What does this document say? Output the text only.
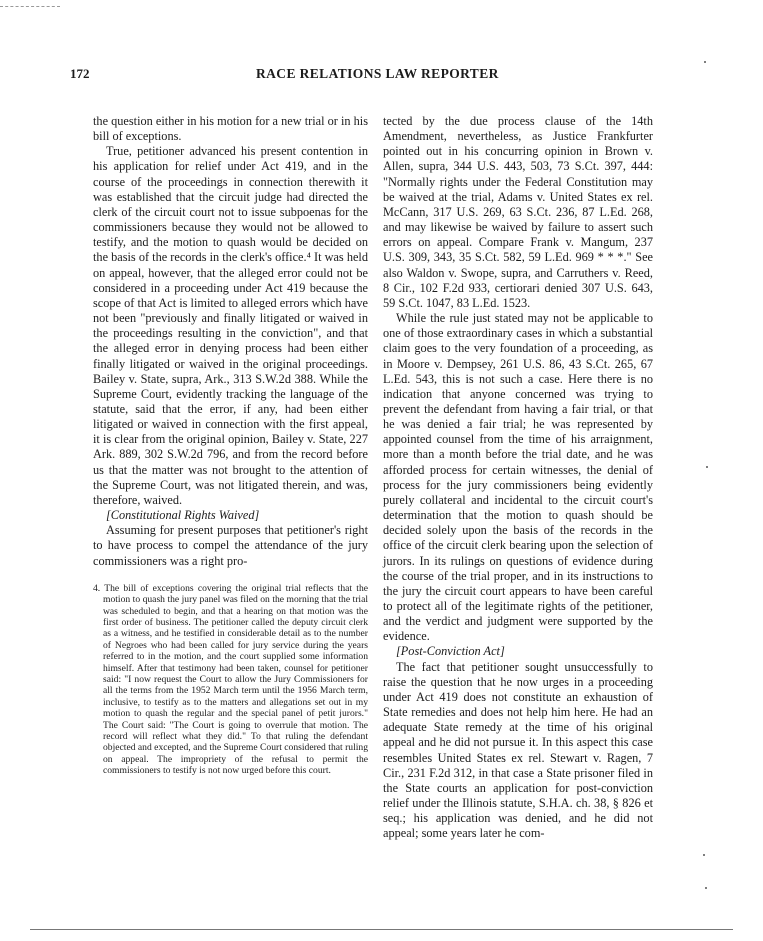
172	RACE RELATIONS LAW REPORTER

the question either in his motion for a new trial or in his bill of exceptions.

True, petitioner advanced his present contention in his application for relief under Act 419, and in the course of the proceedings in connection therewith it was established that the circuit judge had directed the clerk of the circuit court not to issue subpoenas for the commissioners because they would not be allowed to testify, and the motion to quash would be decided on the basis of the records in the clerk's office.⁴ It was held on appeal, however, that the alleged error could not be considered in a proceeding under Act 419 because the scope of that Act is limited to alleged errors which have not been "previously and finally litigated or waived in the proceedings resulting in the conviction", and that the alleged error in denying process had been either finally litigated or waived in the original proceedings. Bailey v. State, supra, Ark., 313 S.W.2d 388. While the Supreme Court, evidently tracking the language of the statute, said that the error, if any, had been either litigated or waived in connection with the first appeal, it is clear from the original opinion, Bailey v. State, 227 Ark. 889, 302 S.W.2d 796, and from the record before us that the matter was not brought to the attention of the Supreme Court, was not litigated therein, and was, therefore, waived.

[Constitutional Rights Waived]

Assuming for present purposes that petitioner's right to have process to compel the attendance of the jury commissioners was a right pro-

4. The bill of exceptions covering the original trial reflects that the motion to quash the jury panel was filed on the morning that the trial was scheduled to begin, and that a hearing on that motion was the first order of business. The petitioner called the deputy circuit clerk as a witness, and he testified in considerable detail as to the number of Negroes who had been called for jury service during the years referred to in the motion, and the court supplied some information himself. After that testimony had been taken, counsel for petitioner said: "I now request the Court to allow the Jury Commissioners for all the terms from the 1952 March term until the 1956 March term, inclusive, to testify as to the matters and allegations set out in my motion to quash the regular and the special panel of petit jurors." The Court said: "The Court is going to overrule that motion. The record will reflect what they did." To that ruling the defendant objected and excepted, and the Supreme Court considered that ruling on appeal. The impropriety of the refusal to permit the commissioners to testify is not now urged before this court.

tected by the due process clause of the 14th Amendment, nevertheless, as Justice Frankfurter pointed out in his concurring opinion in Brown v. Allen, supra, 344 U.S. 443, 503, 73 S.Ct. 397, 444: "Normally rights under the Federal Constitution may be waived at the trial, Adams v. United States ex rel. McCann, 317 U.S. 269, 63 S.Ct. 236, 87 L.Ed. 268, and may likewise be waived by failure to assert such errors on appeal. Compare Frank v. Mangum, 237 U.S. 309, 343, 35 S.Ct. 582, 59 L.Ed. 969 * * *." See also Waldon v. Swope, supra, and Carruthers v. Reed, 8 Cir., 102 F.2d 933, certiorari denied 307 U.S. 643, 59 S.Ct. 1047, 83 L.Ed. 1523.

While the rule just stated may not be applicable to one of those extraordinary cases in which a substantial claim goes to the very foundation of a proceeding, as in Moore v. Dempsey, 261 U.S. 86, 43 S.Ct. 265, 67 L.Ed. 543, this is not such a case. Here there is no indication that anyone concerned was trying to prevent the defendant from having a fair trial, or that he was denied a fair trial; he was represented by appointed counsel from the time of his arraignment, more than a month before the trial date, and he was afforded process for certain witnesses, the denial of process for the jury commissioners being evidently purely collateral and incidental to the circuit court's determination that the motion to quash should be decided solely upon the basis of the records in the office of the circuit clerk bearing upon the selection of jurors. In its rulings on questions of evidence during the course of the trial proper, and in its instructions to the jury the circuit court appears to have been careful to protect all of the legitimate rights of the petitioner, and the verdict and judgment were supported by the evidence.

[Post-Conviction Act]

The fact that petitioner sought unsuccessfully to raise the question that he now urges in a proceeding under Act 419 does not constitute an exhaustion of State remedies and does not help him here. He had an adequate State remedy at the time of his original appeal and he did not pursue it. In this aspect this case resembles United States ex rel. Stewart v. Ragen, 7 Cir., 231 F.2d 312, in that case a State prisoner filed in the State courts an application for post-conviction relief under the Illinois statute, S.H.A. ch. 38, § 826 et seq.; his application was denied, and he did not appeal; some years later he com-
